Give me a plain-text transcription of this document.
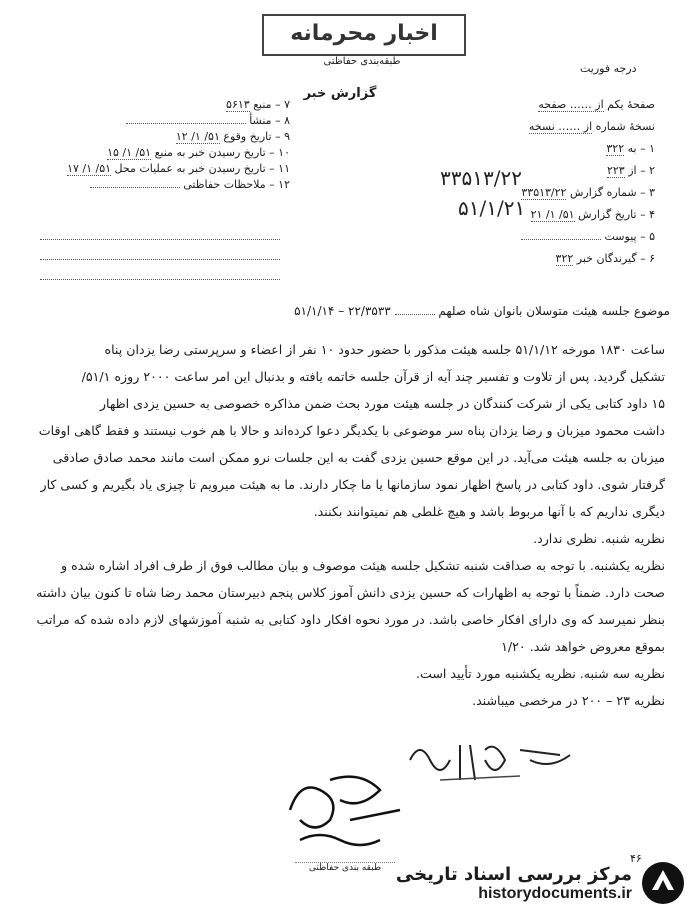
اخبار محرمانه
طبقه‌بندی حفاظتی
درجه فوریت
گزارش خبر
صفحهٔ یکم از …… صفحه
نسخهٔ شماره از …… نسخه
۱ – به ۳۲۲
۲ – از ۲۲۳
۳ – شماره گزارش ۳۳۵۱۳/۲۲
۴ – تاریخ گزارش ۵۱/ ۱/ ۲۱
۵ – پیوست
۶ – گیرندگان خبر ۳۲۲
۳۳۵۱۳/۲۲
۵۱/۱/۲۱
۷ – منبع ۵۶۱۳
۸ – منشأ
۹ – تاریخ وقوع ۵۱/ ۱/ ۱۲
۱۰ – تاریخ رسیدن خبر به منبع ۵۱/ ۱/ ۱۵
۱۱ – تاریخ رسیدن خبر به عملیات محل ۵۱/ ۱/ ۱۷
۱۲ – ملاحظات حفاظتی

موضوع جلسه هیئت متوسلان بانوان شاه صلهم  ۲۲/۳۵۳۳ – ۵۱/۱/۱۴

ساعت ۱۸۳۰ مورخه ۵۱/۱/۱۲ جلسه هیئت مذکور با حضور حدود ۱۰ نفر از اعضاء و سرپرستی رضا یزدان پناه

تشکیل گردید. پس از تلاوت و تفسیر چند آیه از قرآن جلسه خاتمه یافته و بدنبال این امر ساعت ۲۰۰۰ روزه ۵۱/۱/

۱۵ داود کتابی یکی از شرکت کنندگان در جلسه هیئت مورد بحث ضمن مذاکره خصوصی به حسین یزدی اظهار

داشت محمود میزبان و رضا یزدان پناه سر موضوعی با یکدیگر دعوا کرده‌اند و حالا با هم خوب نیستند و فقط گاهی اوقات

میزبان به جلسه هیئت می‌آید. در این موقع حسین یزدی گفت به این جلسات نرو ممکن است مانند محمد صادق صادقی

گرفتار شوی. داود کتابی در پاسخ اظهار نمود سازمانها یا ما چکار دارند. ما به هیئت میرویم تا چیزی یاد بگیریم و کسی کار

دیگری نداریم که با آنها مربوط باشد و هیچ غلطی هم نمیتوانند بکنند.

نظریه شنبه. نظری ندارد.

نظریه یکشنبه. با توجه به صداقت شنبه تشکیل جلسه هیئت موصوف و بیان مطالب فوق از طرف افراد اشاره شده و صحت دارد. ضمناً با توجه به اظهارات که حسین یزدی دانش آموز کلاس پنجم دبیرستان محمد رضا شاه تا کنون بیان داشته بنظر نمیرسد که وی دارای افکار خاصی باشد. در مورد نحوه افکار داود کتابی به شنبه آموزشهای لازم داده شده که مراتب بموقع معروض خواهد شد. ۱/۲۰

نظریه سه شنبه. نظریه یکشنبه مورد تأیید است.

نظریه ۲۳ – ۲۰۰ در مرخصی میباشند.

طبقه بندی حفاظتی
۴۶
مرکز بررسی اسناد تاریخی
historydocuments.ir
